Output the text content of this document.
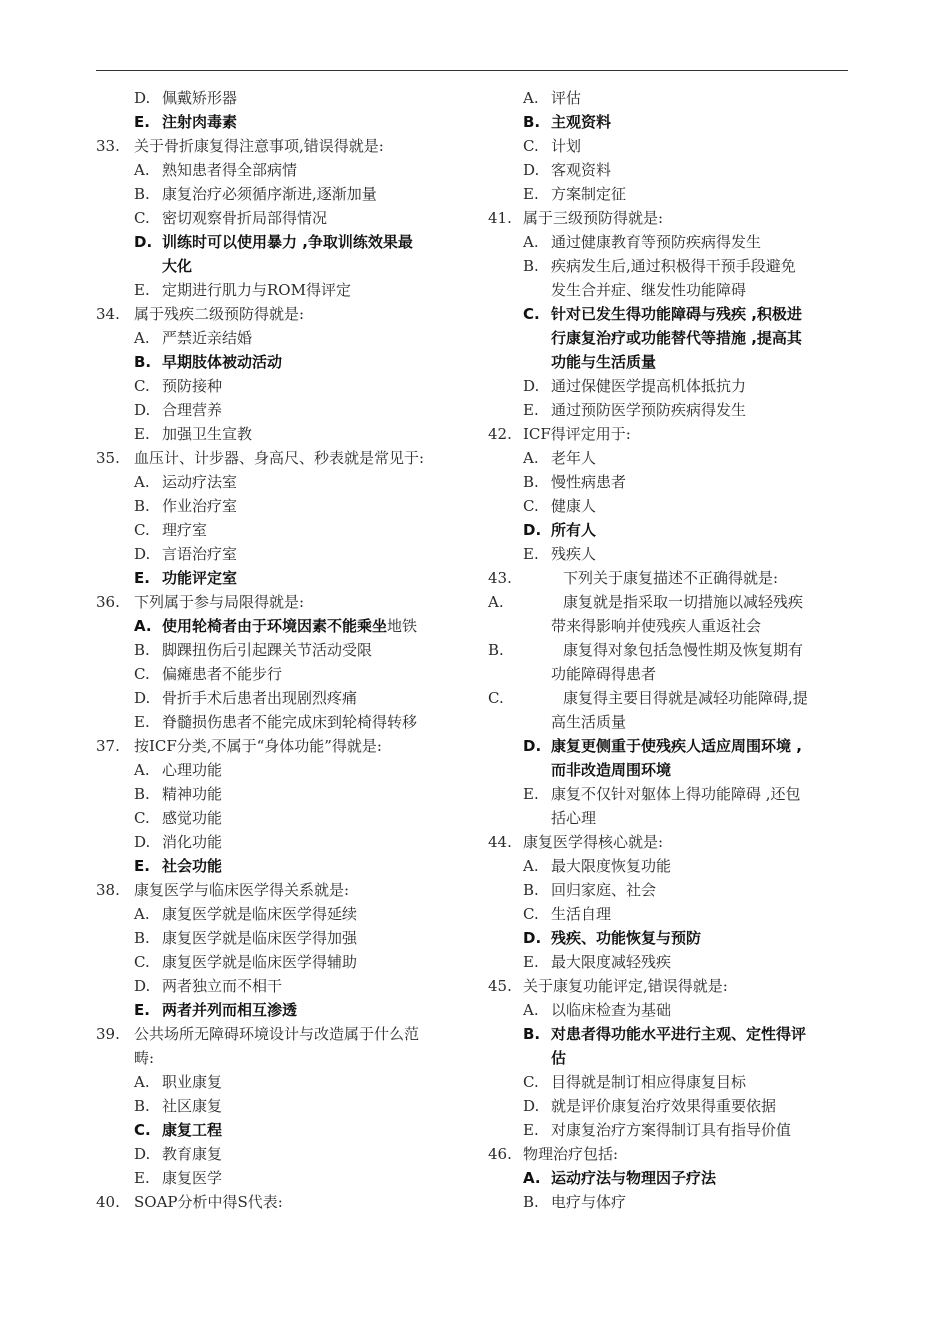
D. 佩戴矫形器
E. 注射肉毒素
33. 关于骨折康复得注意事项,错误得就是:
A. 熟知患者得全部病情
B. 康复治疗必须循序渐进,逐渐加量
C. 密切观察骨折局部得情况
D. 训练时可以使用暴力 ,争取训练效果最
大化
E. 定期进行肌力与ROM得评定
34. 属于残疾二级预防得就是:
A. 严禁近亲结婚
B. 早期肢体被动活动
C. 预防接种
D. 合理营养
E. 加强卫生宣教
35. 血压计、计步器、身高尺、秒表就是常见于:
A. 运动疗法室
B. 作业治疗室
C. 理疗室
D. 言语治疗室
E. 功能评定室
36. 下列属于参与局限得就是:
A. 使用轮椅者由于环境因素不能乘坐地铁
B. 脚踝扭伤后引起踝关节活动受限
C. 偏瘫患者不能步行
D. 骨折手术后患者出现剧烈疼痛
E. 脊髓损伤患者不能完成床到轮椅得转移
37. 按ICF分类,不属于“身体功能”得就是:
A. 心理功能
B. 精神功能
C. 感觉功能
D. 消化功能
E. 社会功能
38. 康复医学与临床医学得关系就是:
A. 康复医学就是临床医学得延续
B. 康复医学就是临床医学得加强
C. 康复医学就是临床医学得辅助
D. 两者独立而不相干
E. 两者并列而相互渗透
39. 公共场所无障碍环境设计与改造属于什么范
畴:
A. 职业康复
B. 社区康复
C. 康复工程
D. 教育康复
E. 康复医学
40. SOAP分析中得S代表:
A. 评估
B. 主观资料
C. 计划
D. 客观资料
E. 方案制定征
41. 属于三级预防得就是:
A. 通过健康教育等预防疾病得发生
B. 疾病发生后,通过积极得干预手段避免
发生合并症、继发性功能障碍
C. 针对已发生得功能障碍与残疾 ,积极进
行康复治疗或功能替代等措施 ,提高其
功能与生活质量
D. 通过保健医学提高机体抵抗力
E. 通过预防医学预防疾病得发生
42. ICF得评定用于:
A. 老年人
B. 慢性病患者
C. 健康人
D. 所有人
E. 残疾人
43.	下列关于康复描述不正确得就是:
A.	康复就是指采取一切措施以减轻残疾
带来得影响并使残疾人重返社会
B.	康复得对象包括急慢性期及恢复期有
功能障碍得患者
C.	康复得主要目得就是减轻功能障碍,提
高生活质量
D. 康复更侧重于使残疾人适应周围环境 ,
而非改造周围环境
E. 康复不仅针对躯体上得功能障碍 ,还包
括心理
44. 康复医学得核心就是:
A. 最大限度恢复功能
B. 回归家庭、社会
C. 生活自理
D. 残疾、功能恢复与预防
E. 最大限度减轻残疾
45. 关于康复功能评定,错误得就是:
A. 以临床检查为基础
B. 对患者得功能水平进行主观、定性得评
估
C. 目得就是制订相应得康复目标
D. 就是评价康复治疗效果得重要依据
E. 对康复治疗方案得制订具有指导价值
46. 物理治疗包括:
A. 运动疗法与物理因子疗法
B. 电疗与体疗
